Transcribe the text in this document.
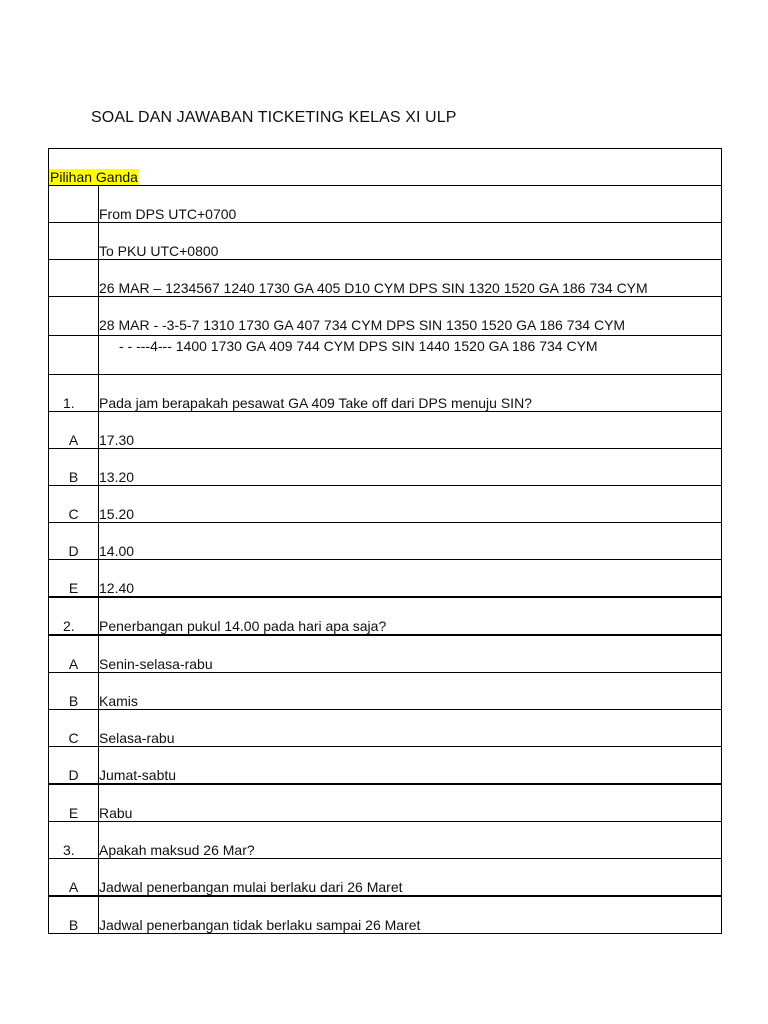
SOAL DAN JAWABAN TICKETING KELAS XI ULP
Pilihan Ganda	
	From DPS UTC+0700
	To PKU UTC+0800
	26 MAR – 1234567 1240 1730 GA 405 D10 CYM DPS SIN 1320 1520 GA 186 734 CYM
	28 MAR - -3-5-7 1310 1730 GA 407 734 CYM DPS SIN 1350 1520 GA 186 734 CYM
	- - ---4--- 1400 1730 GA 409 744 CYM DPS SIN 1440 1520 GA 186 734 CYM
1.	Pada jam berapakah pesawat GA 409 Take off dari DPS menuju SIN?
A	17.30
B	13.20
C	15.20
D	14.00
E	12.40
2.	Penerbangan pukul 14.00 pada hari apa saja?
A	Senin-selasa-rabu
B	Kamis
C	Selasa-rabu
D	Jumat-sabtu
E	Rabu
3.	Apakah maksud 26 Mar?
A	Jadwal penerbangan mulai berlaku dari 26 Maret
B	Jadwal penerbangan tidak berlaku sampai 26 Maret
